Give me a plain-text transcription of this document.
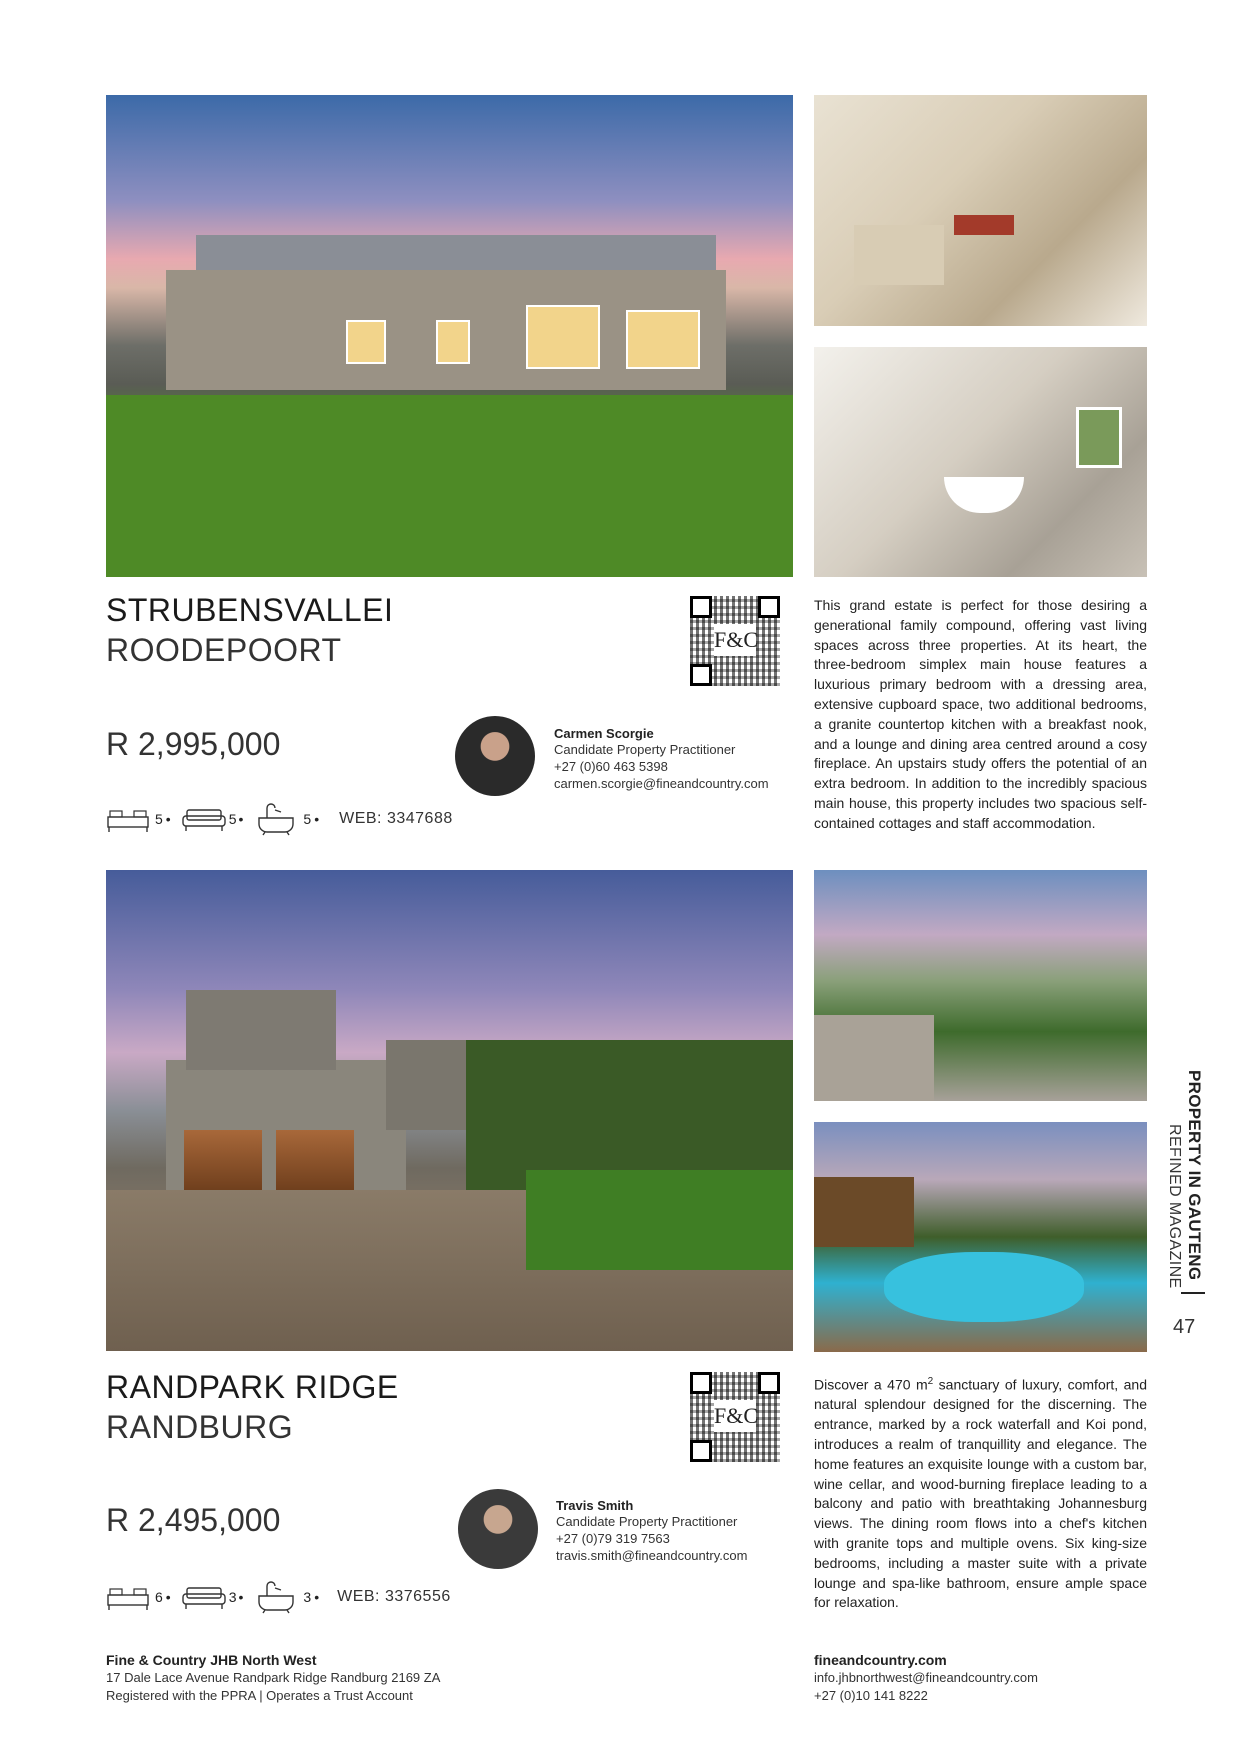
STRUBENSVALLEI
ROODEPOORT	F&C
R 2,995,000	Carmen Scorgie
Candidate Property Practitioner
+27 (0)60 463 5398
carmen.scorgie@fineandcountry.com
5 •	5 •	5 • WEB: 3347688
This grand estate is perfect for those desiring a generational family compound, offering vast living spaces across three properties. At its heart, the three-bedroom simplex main house features a luxurious primary bedroom with a dressing area, extensive cupboard space, two additional bedrooms, a granite countertop kitchen with a breakfast nook, and a lounge and dining area centred around a cosy fireplace. An upstairs study offers the potential of an extra bedroom. In addition to the incredibly spacious main house, this property includes two spacious self-contained cottages and staff accommodation.
RANDPARK RIDGE
RANDBURG	F&C
R 2,495,000	Travis Smith
Candidate Property Practitioner
+27 (0)79 319 7563
travis.smith@fineandcountry.com
6 •	3 •	3 • WEB: 3376556
Discover a 470 $m^2$ sanctuary of luxury, comfort, and natural splendour designed for the discerning. The entrance, marked by a rock waterfall and Koi pond, introduces a realm of tranquillity and elegance. The home features an exquisite lounge with a custom bar, wine cellar, and wood-burning fireplace leading to a balcony and patio with breathtaking Johannesburg views. The dining room flows into a chef's kitchen with granite tops and multiple ovens. Six king-size bedrooms, including a master suite with a private lounge and spa-like bathroom, ensure ample space for relaxation.
Fine & Country JHB North West
17 Dale Lace Avenue Randpark Ridge Randburg 2169 ZA
Registered with the PPRA | Operates a Trust Account
fineandcountry.com
info.jhbnorthwest@fineandcountry.com
+27 (0)10 141 8222
PROPERTY IN GAUTENG
REFINED MAGAZINE
47
